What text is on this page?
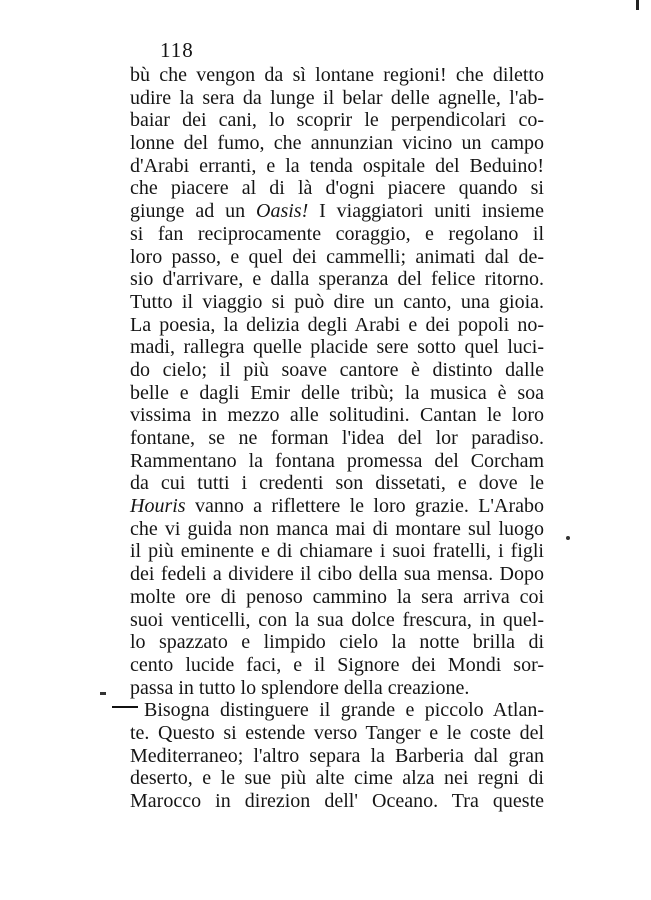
118
bù che vengon da sì lontane regioni! che diletto
udire la sera da lunge il belar delle agnelle, l'ab-
baiar dei cani, lo scoprir le perpendicolari co-
lonne del fumo, che annunzian vicino un campo
d'Arabi erranti, e la tenda ospitale del Beduino!
che piacere al di là d'ogni piacere quando si
giunge ad un Oasis! I viaggiatori uniti insieme
si fan reciprocamente coraggio, e regolano il
loro passo, e quel dei cammelli; animati dal de-
sio d'arrivare, e dalla speranza del felice ritorno.
Tutto il viaggio si può dire un canto, una gioia.
La poesia, la delizia degli Arabi e dei popoli no-
madi, rallegra quelle placide sere sotto quel luci-
do cielo; il più soave cantore è distinto dalle
belle e dagli Emir delle tribù; la musica è soa
vissima in mezzo alle solitudini. Cantan le loro
fontane, se ne forman l'idea del lor paradiso.
Rammentano la fontana promessa del Corcham
da cui tutti i credenti son dissetati, e dove le
Houris vanno a riflettere le loro grazie. L'Arabo
che vi guida non manca mai di montare sul luogo
il più eminente e di chiamare i suoi fratelli, i figli
dei fedeli a dividere il cibo della sua mensa. Dopo
molte ore di penoso cammino la sera arriva coi
suoi venticelli, con la sua dolce frescura, in quel-
lo spazzato e limpido cielo la notte brilla di
cento lucide faci, e il Signore dei Mondi sor-
passa in tutto lo splendore della creazione.
Bisogna distinguere il grande e piccolo Atlan-
te. Questo si estende verso Tanger e le coste del
Mediterraneo; l'altro separa la Barberia dal gran
deserto, e le sue più alte cime alza nei regni di
Marocco in direzion dell' Oceano. Tra queste
